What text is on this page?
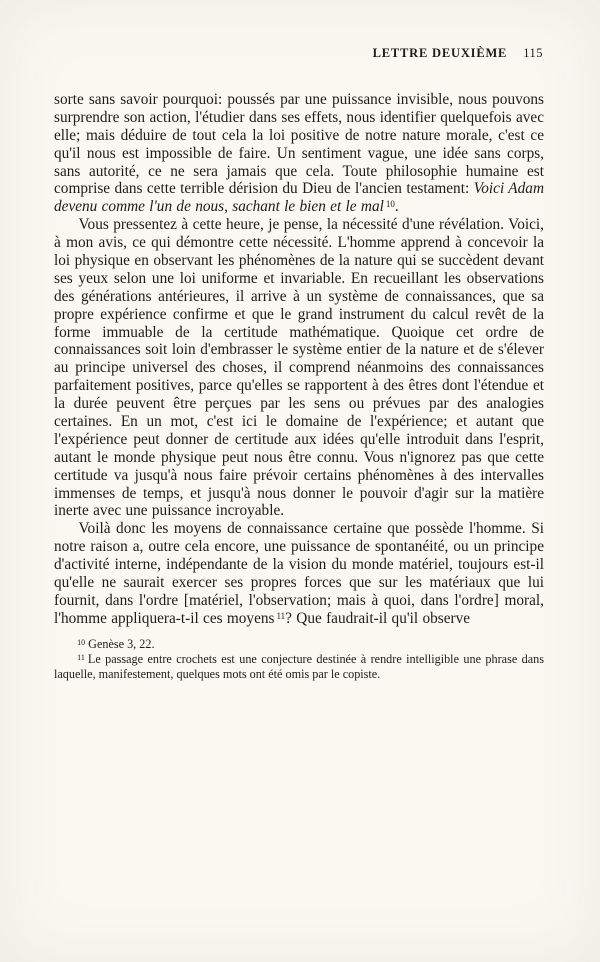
LETTRE DEUXIÈME 115

sorte sans savoir pourquoi: poussés par une puissance invisible, nous pouvons surprendre son action, l'étudier dans ses effets, nous identifier quelquefois avec elle; mais déduire de tout cela la loi positive de notre nature morale, c'est ce qu'il nous est impossible de faire. Un sentiment vague, une idée sans corps, sans autorité, ce ne sera jamais que cela. Toute philosophie humaine est comprise dans cette terrible dérision du Dieu de l'ancien testament: Voici Adam devenu comme l'un de nous, sachant le bien et le mal $^{10}$.

Vous pressentez à cette heure, je pense, la nécessité d'une révélation. Voici, à mon avis, ce qui démontre cette nécessité. L'homme apprend à concevoir la loi physique en observant les phénomènes de la nature qui se succèdent devant ses yeux selon une loi uniforme et invariable. En recueillant les observations des générations antérieures, il arrive à un système de connaissances, que sa propre expérience confirme et que le grand instrument du calcul revêt de la forme immuable de la certitude mathématique. Quoique cet ordre de connaissances soit loin d'embrasser le système entier de la nature et de s'élever au principe universel des choses, il comprend néanmoins des connaissances parfaitement positives, parce qu'elles se rapportent à des êtres dont l'étendue et la durée peuvent être perçues par les sens ou prévues par des analogies certaines. En un mot, c'est ici le domaine de l'expérience; et autant que l'expérience peut donner de certitude aux idées qu'elle introduit dans l'esprit, autant le monde physique peut nous être connu. Vous n'ignorez pas que cette certitude va jusqu'à nous faire prévoir certains phénomènes à des intervalles immenses de temps, et jusqu'à nous donner le pouvoir d'agir sur la matière inerte avec une puissance incroyable.

Voilà donc les moyens de connaissance certaine que possède l'homme. Si notre raison a, outre cela encore, une puissance de spontanéité, ou un principe d'activité interne, indépendante de la vision du monde matériel, toujours est-il qu'elle ne saurait exercer ses propres forces que sur les matériaux que lui fournit, dans l'ordre [matériel, l'observation; mais à quoi, dans l'ordre] moral, l'homme appliquera-t-il ces moyens $^{11}$? Que faudrait-il qu'il observe

$^{10}$ Genèse 3, 22.

$^{11}$ Le passage entre crochets est une conjecture destinée à rendre intelligible une phrase dans laquelle, manifestement, quelques mots ont été omis par le copiste.
